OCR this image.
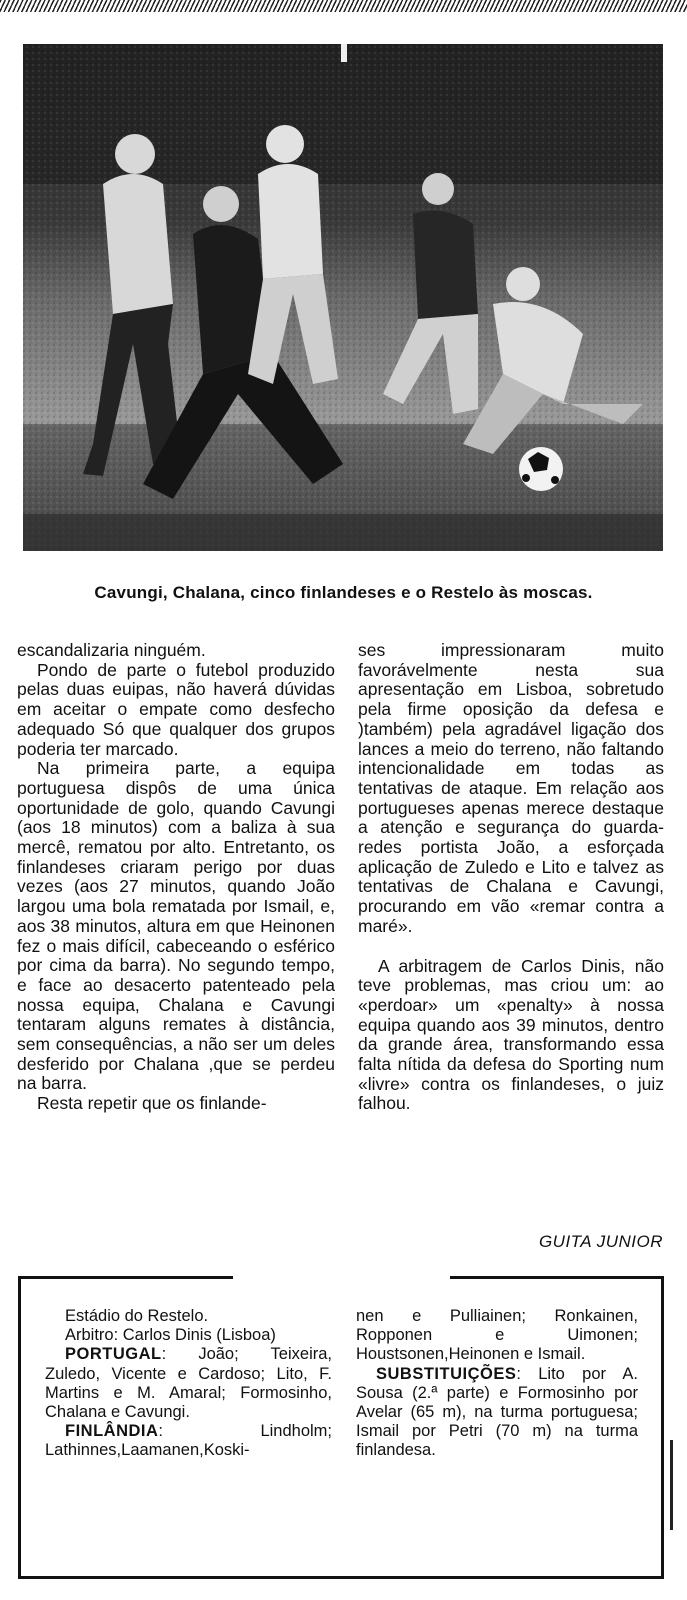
Cavungi, Chalana, cinco finlandeses e o Restelo às moscas.

escandalizaria ninguém.

Pondo de parte o futebol produzido pelas duas euipas, não haverá dúvidas em aceitar o empate como desfecho adequado Só que qualquer dos grupos poderia ter marcado.

Na primeira parte, a equipa portuguesa dispôs de uma única oportunidade de golo, quando Cavungi (aos 18 minutos) com a baliza à sua mercê, rematou por alto. Entretanto, os finlandeses criaram perigo por duas vezes (aos 27 minutos, quando João largou uma bola rematada por Ismail, e, aos 38 minutos, altura em que Heinonen fez o mais difícil, cabeceando o esférico por cima da barra). No segundo tempo, e face ao desacerto patenteado pela nossa equipa, Chalana e Cavungi tentaram alguns remates à distância, sem consequências, a não ser um deles desferido por Chalana ,que se perdeu na barra.

Resta repetir que os finlande-

ses impressionaram muito favorávelmente nesta sua apresentação em Lisboa, sobretudo pela firme oposição da defesa e )também) pela agradável ligação dos lances a meio do terreno, não faltando intencionalidade em todas as tentativas de ataque. Em relação aos portugueses apenas merece destaque a atenção e segurança do guarda-redes portista João, a esforçada aplicação de Zuledo e Lito e talvez as tentativas de Chalana e Cavungi, procurando em vão «remar contra a maré».

A arbitragem de Carlos Dinis, não teve problemas, mas criou um: ao «perdoar» um «penalty» à nossa equipa quando aos 39 minutos, dentro da grande área, transformando essa falta nítida da defesa do Sporting num «livre» contra os finlandeses, o juiz falhou.

GUITA JUNIOR

Estádio do Restelo.

Arbitro: Carlos Dinis (Lisboa)

PORTUGAL: João; Teixeira, Zuledo, Vicente e Cardoso; Lito, F. Martins e M. Amaral; Formosinho, Chalana e Cavungi.

FINLÂNDIA: Lindholm; Lathinnes,Laamanen,Koski-

nen e Pulliainen; Ronkainen, Ropponen e Uimonen; Houstsonen,Heinonen e Ismail.

SUBSTITUIÇÕES: Lito por A. Sousa (2.ª parte) e Formosinho por Avelar (65 m), na turma portuguesa; Ismail por Petri (70 m) na turma finlandesa.
